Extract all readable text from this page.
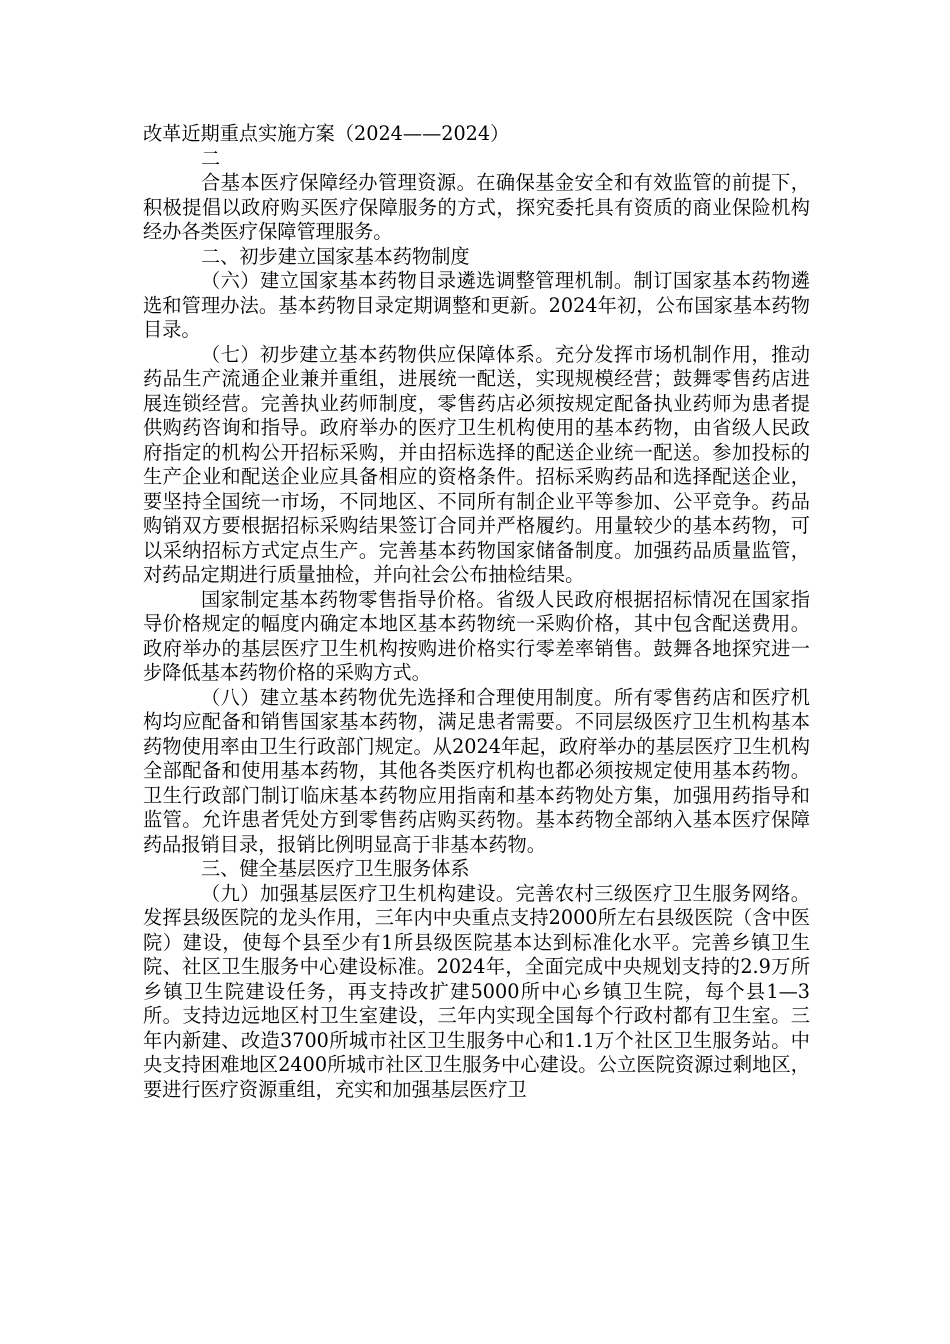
改革近期重点实施方案（2024——2024）

二

合基本医疗保障经办管理资源。在确保基金安全和有效监管的前提下，积极提倡以政府购买医疗保障服务的方式，探究委托具有资质的商业保险机构经办各类医疗保障管理服务。

二、初步建立国家基本药物制度

（六）建立国家基本药物目录遴选调整管理机制。制订国家基本药物遴选和管理办法。基本药物目录定期调整和更新。2024年初，公布国家基本药物目录。

（七）初步建立基本药物供应保障体系。充分发挥市场机制作用，推动药品生产流通企业兼并重组，进展统一配送，实现规模经营；鼓舞零售药店进展连锁经营。完善执业药师制度，零售药店必须按规定配备执业药师为患者提供购药咨询和指导。政府举办的医疗卫生机构使用的基本药物，由省级人民政府指定的机构公开招标采购，并由招标选择的配送企业统一配送。参加投标的生产企业和配送企业应具备相应的资格条件。招标采购药品和选择配送企业，要坚持全国统一市场，不同地区、不同所有制企业平等参加、公平竞争。药品购销双方要根据招标采购结果签订合同并严格履约。用量较少的基本药物，可以采纳招标方式定点生产。完善基本药物国家储备制度。加强药品质量监管，对药品定期进行质量抽检，并向社会公布抽检结果。

国家制定基本药物零售指导价格。省级人民政府根据招标情况在国家指导价格规定的幅度内确定本地区基本药物统一采购价格，其中包含配送费用。政府举办的基层医疗卫生机构按购进价格实行零差率销售。鼓舞各地探究进一步降低基本药物价格的采购方式。

（八）建立基本药物优先选择和合理使用制度。所有零售药店和医疗机构均应配备和销售国家基本药物，满足患者需要。不同层级医疗卫生机构基本药物使用率由卫生行政部门规定。从2024年起，政府举办的基层医疗卫生机构全部配备和使用基本药物，其他各类医疗机构也都必须按规定使用基本药物。卫生行政部门制订临床基本药物应用指南和基本药物处方集，加强用药指导和监管。允许患者凭处方到零售药店购买药物。基本药物全部纳入基本医疗保障药品报销目录，报销比例明显高于非基本药物。

三、健全基层医疗卫生服务体系

（九）加强基层医疗卫生机构建设。完善农村三级医疗卫生服务网络。发挥县级医院的龙头作用，三年内中央重点支持2000所左右县级医院（含中医院）建设，使每个县至少有1所县级医院基本达到标准化水平。完善乡镇卫生院、社区卫生服务中心建设标准。2024年，全面完成中央规划支持的2.9万所乡镇卫生院建设任务，再支持改扩建5000所中心乡镇卫生院，每个县1—3所。支持边远地区村卫生室建设，三年内实现全国每个行政村都有卫生室。三年内新建、改造3700所城市社区卫生服务中心和1.1万个社区卫生服务站。中央支持困难地区2400所城市社区卫生服务中心建设。公立医院资源过剩地区，要进行医疗资源重组，充实和加强基层医疗卫
